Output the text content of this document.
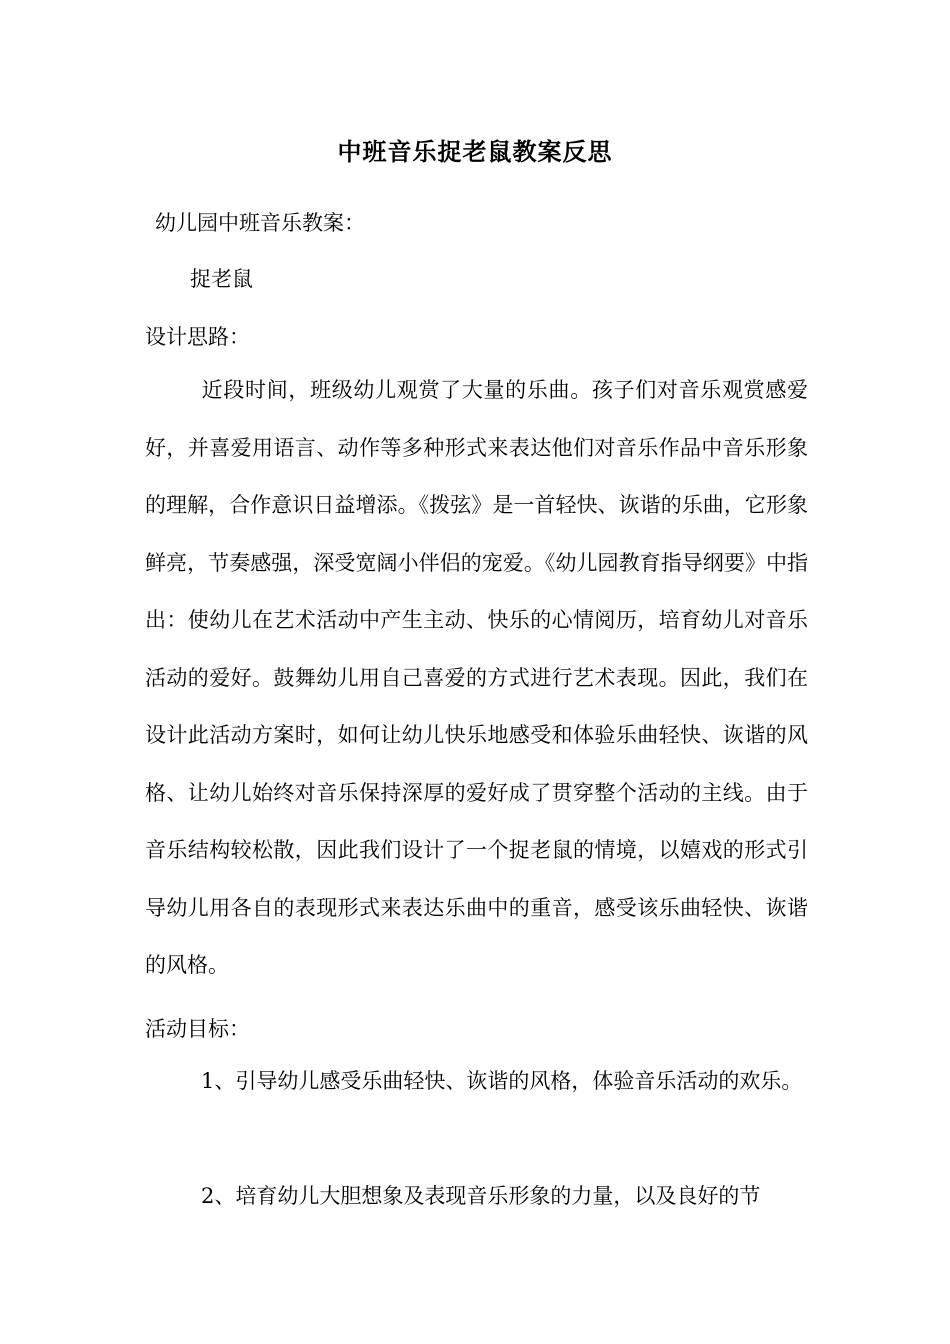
中班音乐捉老鼠教案反思
幼儿园中班音乐教案：
捉老鼠
设计思路：
近段时间，班级幼儿观赏了大量的乐曲。孩子们对音乐观赏感爱好，并喜爱用语言、动作等多种形式来表达他们对音乐作品中音乐形象的理解，合作意识日益增添。《拨弦》是一首轻快、诙谐的乐曲，它形象鲜亮，节奏感强，深受宽阔小伴侣的宠爱。《幼儿园教育指导纲要》中指出：使幼儿在艺术活动中产生主动、快乐的心情阅历，培育幼儿对音乐活动的爱好。鼓舞幼儿用自己喜爱的方式进行艺术表现。因此，我们在设计此活动方案时，如何让幼儿快乐地感受和体验乐曲轻快、诙谐的风格、让幼儿始终对音乐保持深厚的爱好成了贯穿整个活动的主线。由于音乐结构较松散，因此我们设计了一个捉老鼠的情境，以嬉戏的形式引导幼儿用各自的表现形式来表达乐曲中的重音，感受该乐曲轻快、诙谐的风格。
活动目标：
1、引导幼儿感受乐曲轻快、诙谐的风格，体验音乐活动的欢乐。
2、培育幼儿大胆想象及表现音乐形象的力量，以及良好的节
